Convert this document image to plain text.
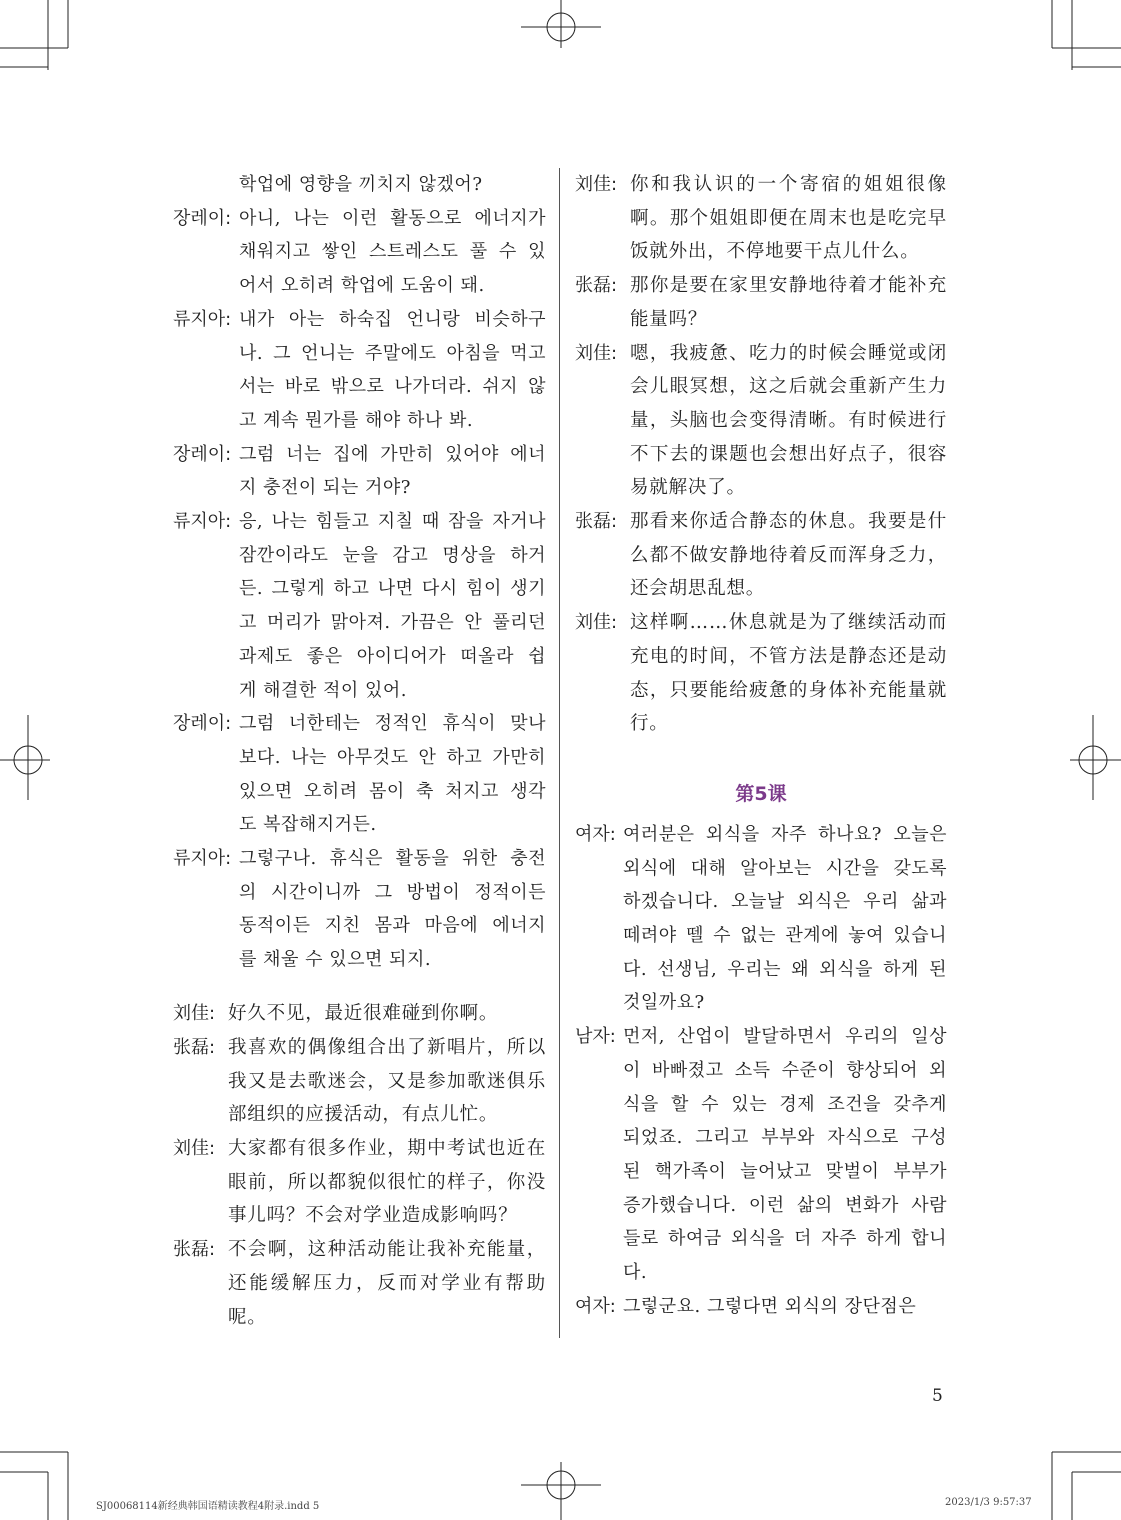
학업에 영향을 끼치지 않겠어?
장레이: 아니, 나는 이런 활동으로 에너지가
채워지고 쌓인 스트레스도 풀 수 있
어서 오히려 학업에 도움이 돼.
류지아: 내가 아는 하숙집 언니랑 비슷하구
나. 그 언니는 주말에도 아침을 먹고
서는 바로 밖으로 나가더라. 쉬지 않
고 계속 뭔가를 해야 하나 봐.
장레이: 그럼 너는 집에 가만히 있어야 에너
지 충전이 되는 거야?
류지아: 응, 나는 힘들고 지칠 때 잠을 자거나
잠깐이라도 눈을 감고 명상을 하거
든. 그렇게 하고 나면 다시 힘이 생기
고 머리가 맑아져. 가끔은 안 풀리던
과제도 좋은 아이디어가 떠올라 쉽
게 해결한 적이 있어.
장레이: 그럼 너한테는 정적인 휴식이 맞나
보다. 나는 아무것도 안 하고 가만히
있으면 오히려 몸이 축 처지고 생각
도 복잡해지거든.
류지아: 그렇구나. 휴식은 활동을 위한 충전
의 시간이니까 그 방법이 정적이든
동적이든 지친 몸과 마음에 에너지
를 채울 수 있으면 되지.
刘佳: 好久不见，最近很难碰到你啊。
张磊: 我喜欢的偶像组合出了新唱片，所以
我又是去歌迷会，又是参加歌迷俱乐
部组织的应援活动，有点儿忙。
刘佳: 大家都有很多作业，期中考试也近在
眼前，所以都貌似很忙的样子，你没
事儿吗？不会对学业造成影响吗？
张磊: 不会啊，这种活动能让我补充能量，
还能缓解压力，反而对学业有帮助
呢。
刘佳: 你和我认识的一个寄宿的姐姐很像
啊。那个姐姐即便在周末也是吃完早
饭就外出，不停地要干点儿什么。
张磊: 那你是要在家里安静地待着才能补充
能量吗？
刘佳: 嗯，我疲惫、吃力的时候会睡觉或闭
会儿眼冥想，这之后就会重新产生力
量，头脑也会变得清晰。有时候进行
不下去的课题也会想出好点子，很容
易就解决了。
张磊: 那看来你适合静态的休息。我要是什
么都不做安静地待着反而浑身乏力，
还会胡思乱想。
刘佳: 这样啊……休息就是为了继续活动而
充电的时间，不管方法是静态还是动
态，只要能给疲惫的身体补充能量就
行。
第5课
여자: 여러분은 외식을 자주 하나요? 오늘은
외식에 대해 알아보는 시간을 갖도록
하겠습니다. 오늘날 외식은 우리 삶과
떼려야 뗄 수 없는 관계에 놓여 있습니
다. 선생님, 우리는 왜 외식을 하게 된
것일까요?
남자: 먼저, 산업이 발달하면서 우리의 일상
이 바빠졌고 소득 수준이 향상되어 외
식을 할 수 있는 경제 조건을 갖추게
되었죠. 그리고 부부와 자식으로 구성
된 핵가족이 늘어났고 맞벌이 부부가
증가했습니다. 이런 삶의 변화가 사람
들로 하여금 외식을 더 자주 하게 합니
다.
여자: 그렇군요. 그렇다면 외식의 장단점은
5
SJ00068114新经典韩国语精读教程4附录.indd 5	2023/1/3 9:57:37
